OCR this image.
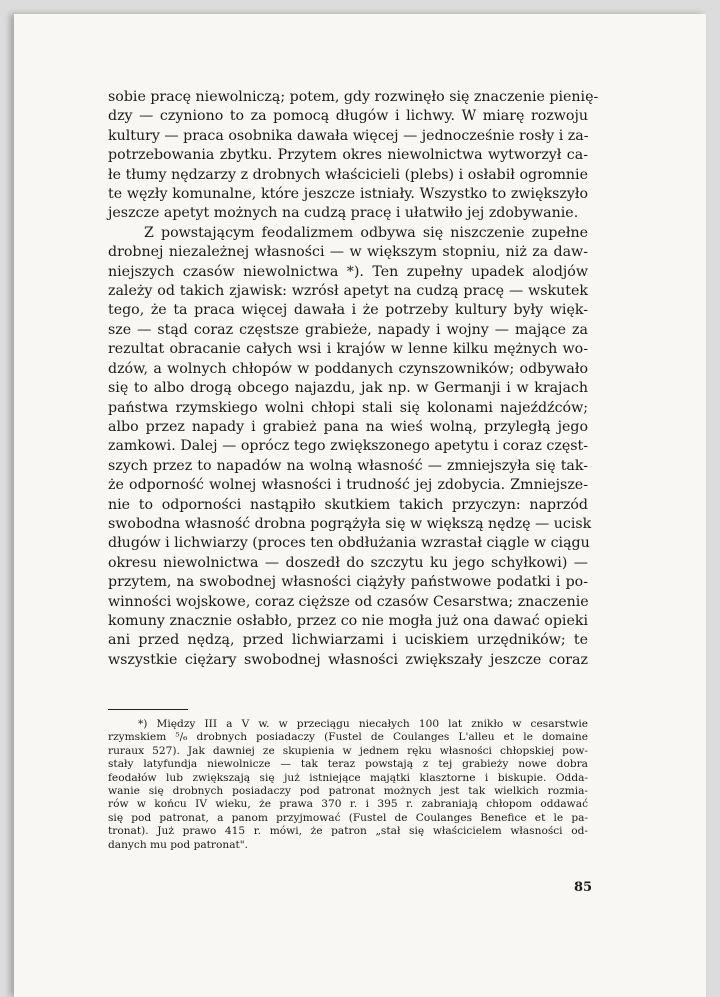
sobie pracę niewolniczą; potem, gdy rozwinęło się znaczenie pienię-
dzy — czyniono to za pomocą długów i lichwy. W miarę rozwoju
kultury — praca osobnika dawała więcej — jednocześnie rosły i za-
potrzebowania zbytku. Przytem okres niewolnictwa wytworzył ca-
łe tłumy nędzarzy z drobnych właścicieli (plebs) i osłabił ogromnie
te węzły komunalne, które jeszcze istniały. Wszystko to zwiększyło
jeszcze apetyt możnych na cudzą pracę i ułatwiło jej zdobywanie.

Z powstającym feodalizmem odbywa się niszczenie zupełne
drobnej niezależnej własności — w większym stopniu, niż za daw-
niejszych czasów niewolnictwa *). Ten zupełny upadek alodjów
zależy od takich zjawisk: wzrósł apetyt na cudzą pracę — wskutek
tego, że ta praca więcej dawała i że potrzeby kultury były więk-
sze — stąd coraz częstsze grabieże, napady i wojny — mające za
rezultat obracanie całych wsi i krajów w lenne kilku mężnych wo-
dzów, a wolnych chłopów w poddanych czynszowników; odbywało
się to albo drogą obcego najazdu, jak np. w Germanji i w krajach
państwa rzymskiego wolni chłopi stali się kolonami najeźdźców;
albo przez napady i grabież pana na wieś wolną, przyległą jego
zamkowi. Dalej — oprócz tego zwiększonego apetytu i coraz częst-
szych przez to napadów na wolną własność — zmniejszyła się tak-
że odporność wolnej własności i trudność jej zdobycia. Zmniejsze-
nie to odporności nastąpiło skutkiem takich przyczyn: naprzód
swobodna własność drobna pogrążyła się w większą nędzę — ucisk
długów i lichwiarzy (proces ten obdłużania wzrastał ciągle w ciągu
okresu niewolnictwa — doszedł do szczytu ku jego schyłkowi) —
przytem, na swobodnej własności ciążyły państwowe podatki i po-
winności wojskowe, coraz cięższe od czasów Cesarstwa; znaczenie
komuny znacznie osłabło, przez co nie mogła już ona dawać opieki
ani przed nędzą, przed lichwiarzami i uciskiem urzędników; te
wszystkie ciężary swobodnej własności zwiększały jeszcze coraz

*) Między III a V w. w przeciągu niecałych 100 lat znikło w cesarstwie
rzymskiem ⁵/₆ drobnych posiadaczy (Fustel de Coulanges L'alleu et le domaine
ruraux 527). Jak dawniej ze skupienia w jednem ręku własności chłopskiej pow-
stały latyfundja niewolnicze — tak teraz powstają z tej grabieży nowe dobra
feodałów lub zwiększają się już istniejące majątki klasztorne i biskupie. Oddа-
wanie się drobnych posiadaczy pod patronat możnych jest tak wielkich rozmia-
rów w końcu IV wieku, że prawa 370 r. i 395 r. zabraniają chłopom oddawać
się pod patronat, a panom przyjmować (Fustel de Coulanges Benefice et le pa-
tronat). Już prawo 415 r. mówi, że patron „stał się właścicielem własności od-
danych mu pod patronat".
85
